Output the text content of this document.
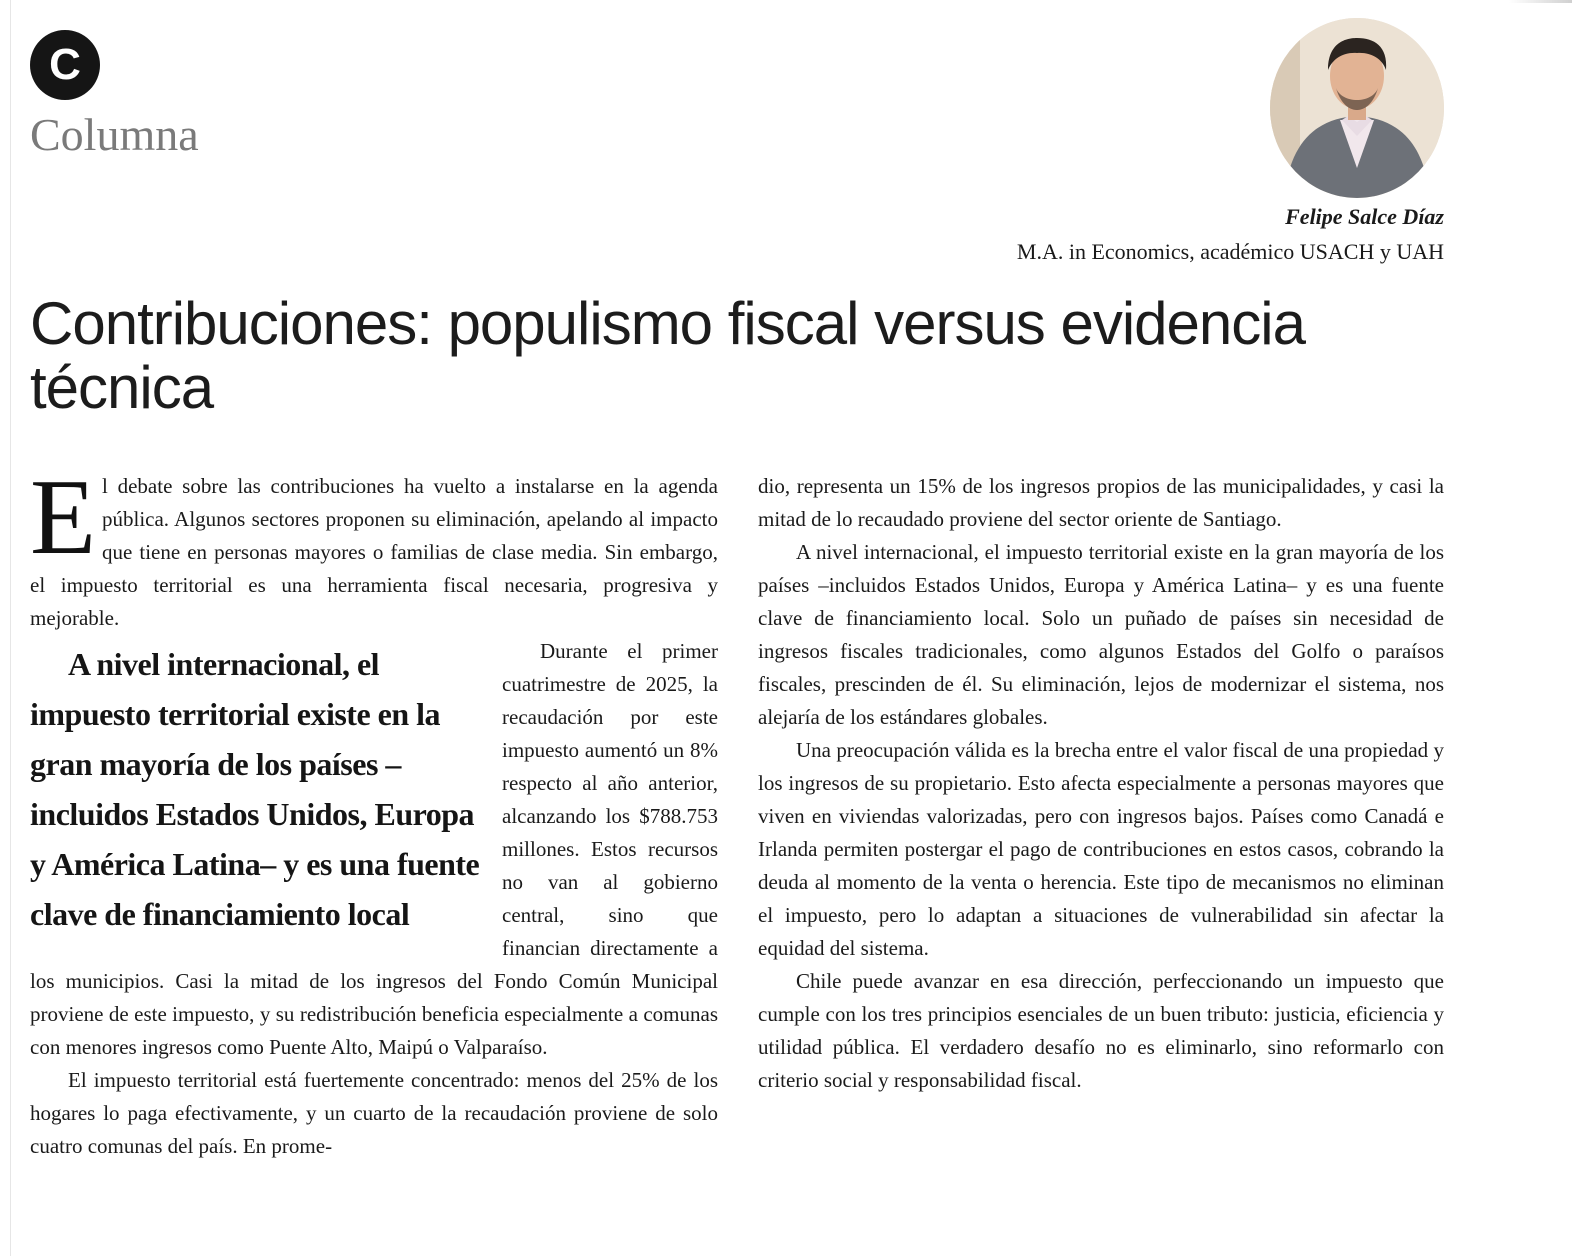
C
Columna
Felipe Salce Díaz
M.A. in Economics, académico USACH y UAH
Contribuciones: populismo fiscal versus evidencia técnica

El debate sobre las contribuciones ha vuelto a instalarse en la agenda pública. Algunos sectores proponen su eliminación, apelando al impacto que tiene en personas mayores o familias de clase media. Sin embargo, el impuesto territorial es una herramienta fiscal necesaria, progresiva y mejorable.

A nivel internacional, el impuesto territorial existe en la gran mayoría de los países – incluidos Estados Unidos, Europa y América Latina– y es una fuente clave de financiamiento local
Durante el primer cuatrimestre de 2025, la recaudación por este impuesto aumentó un 8% respecto al año anterior, alcanzando los $788.753 millones. Estos recursos no van al gobierno central, sino que financian directamente a los municipios. Casi la mitad de los ingresos del Fondo Común Municipal proviene de este impuesto, y su redistribución beneficia especialmente a comunas con menores ingresos como Puente Alto, Maipú o Valparaíso.

El impuesto territorial está fuertemente concentrado: menos del 25% de los hogares lo paga efectivamente, y un cuarto de la recaudación proviene de solo cuatro comunas del país. En prome-

dio, representa un 15% de los ingresos propios de las municipalidades, y casi la mitad de lo recaudado proviene del sector oriente de Santiago.

A nivel internacional, el impuesto territorial existe en la gran mayoría de los países –incluidos Estados Unidos, Europa y América Latina– y es una fuente clave de financiamiento local. Solo un puñado de países sin necesidad de ingresos fiscales tradicionales, como algunos Estados del Golfo o paraísos fiscales, prescinden de él. Su eliminación, lejos de modernizar el sistema, nos alejaría de los estándares globales.

Una preocupación válida es la brecha entre el valor fiscal de una propiedad y los ingresos de su propietario. Esto afecta especialmente a personas mayores que viven en viviendas valorizadas, pero con ingresos bajos. Países como Canadá e Irlanda permiten postergar el pago de contribuciones en estos casos, cobrando la deuda al momento de la venta o herencia. Este tipo de mecanismos no eliminan el impuesto, pero lo adaptan a situaciones de vulnerabilidad sin afectar la equidad del sistema.

Chile puede avanzar en esa dirección, perfeccionando un impuesto que cumple con los tres principios esenciales de un buen tributo: justicia, eficiencia y utilidad pública. El verdadero desafío no es eliminarlo, sino reformarlo con criterio social y responsabilidad fiscal.
